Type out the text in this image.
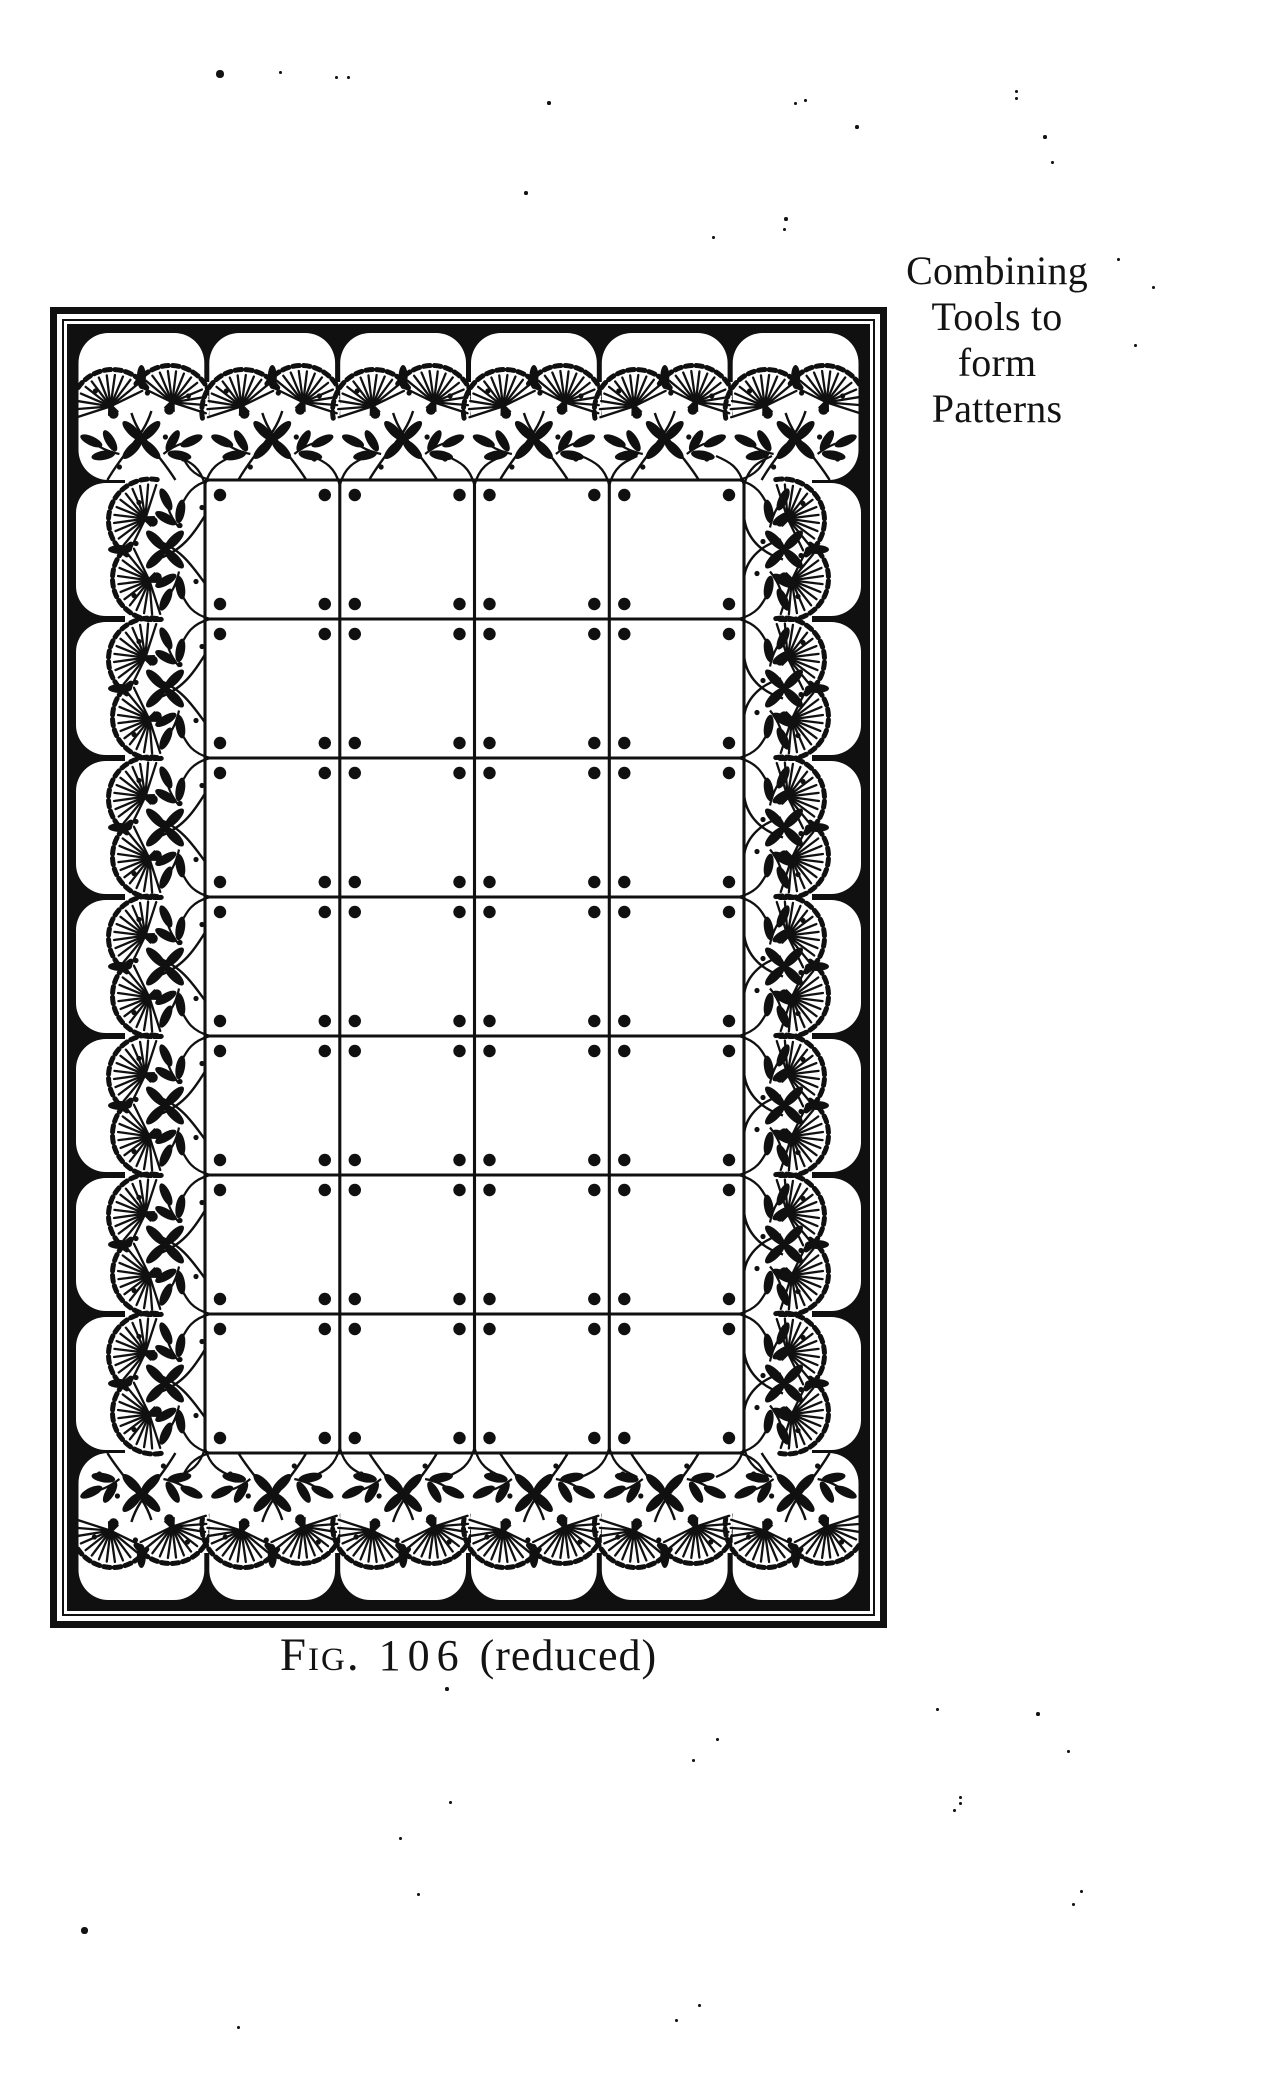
Combining
Tools to
form
Patterns
Fig. 106 (reduced)
